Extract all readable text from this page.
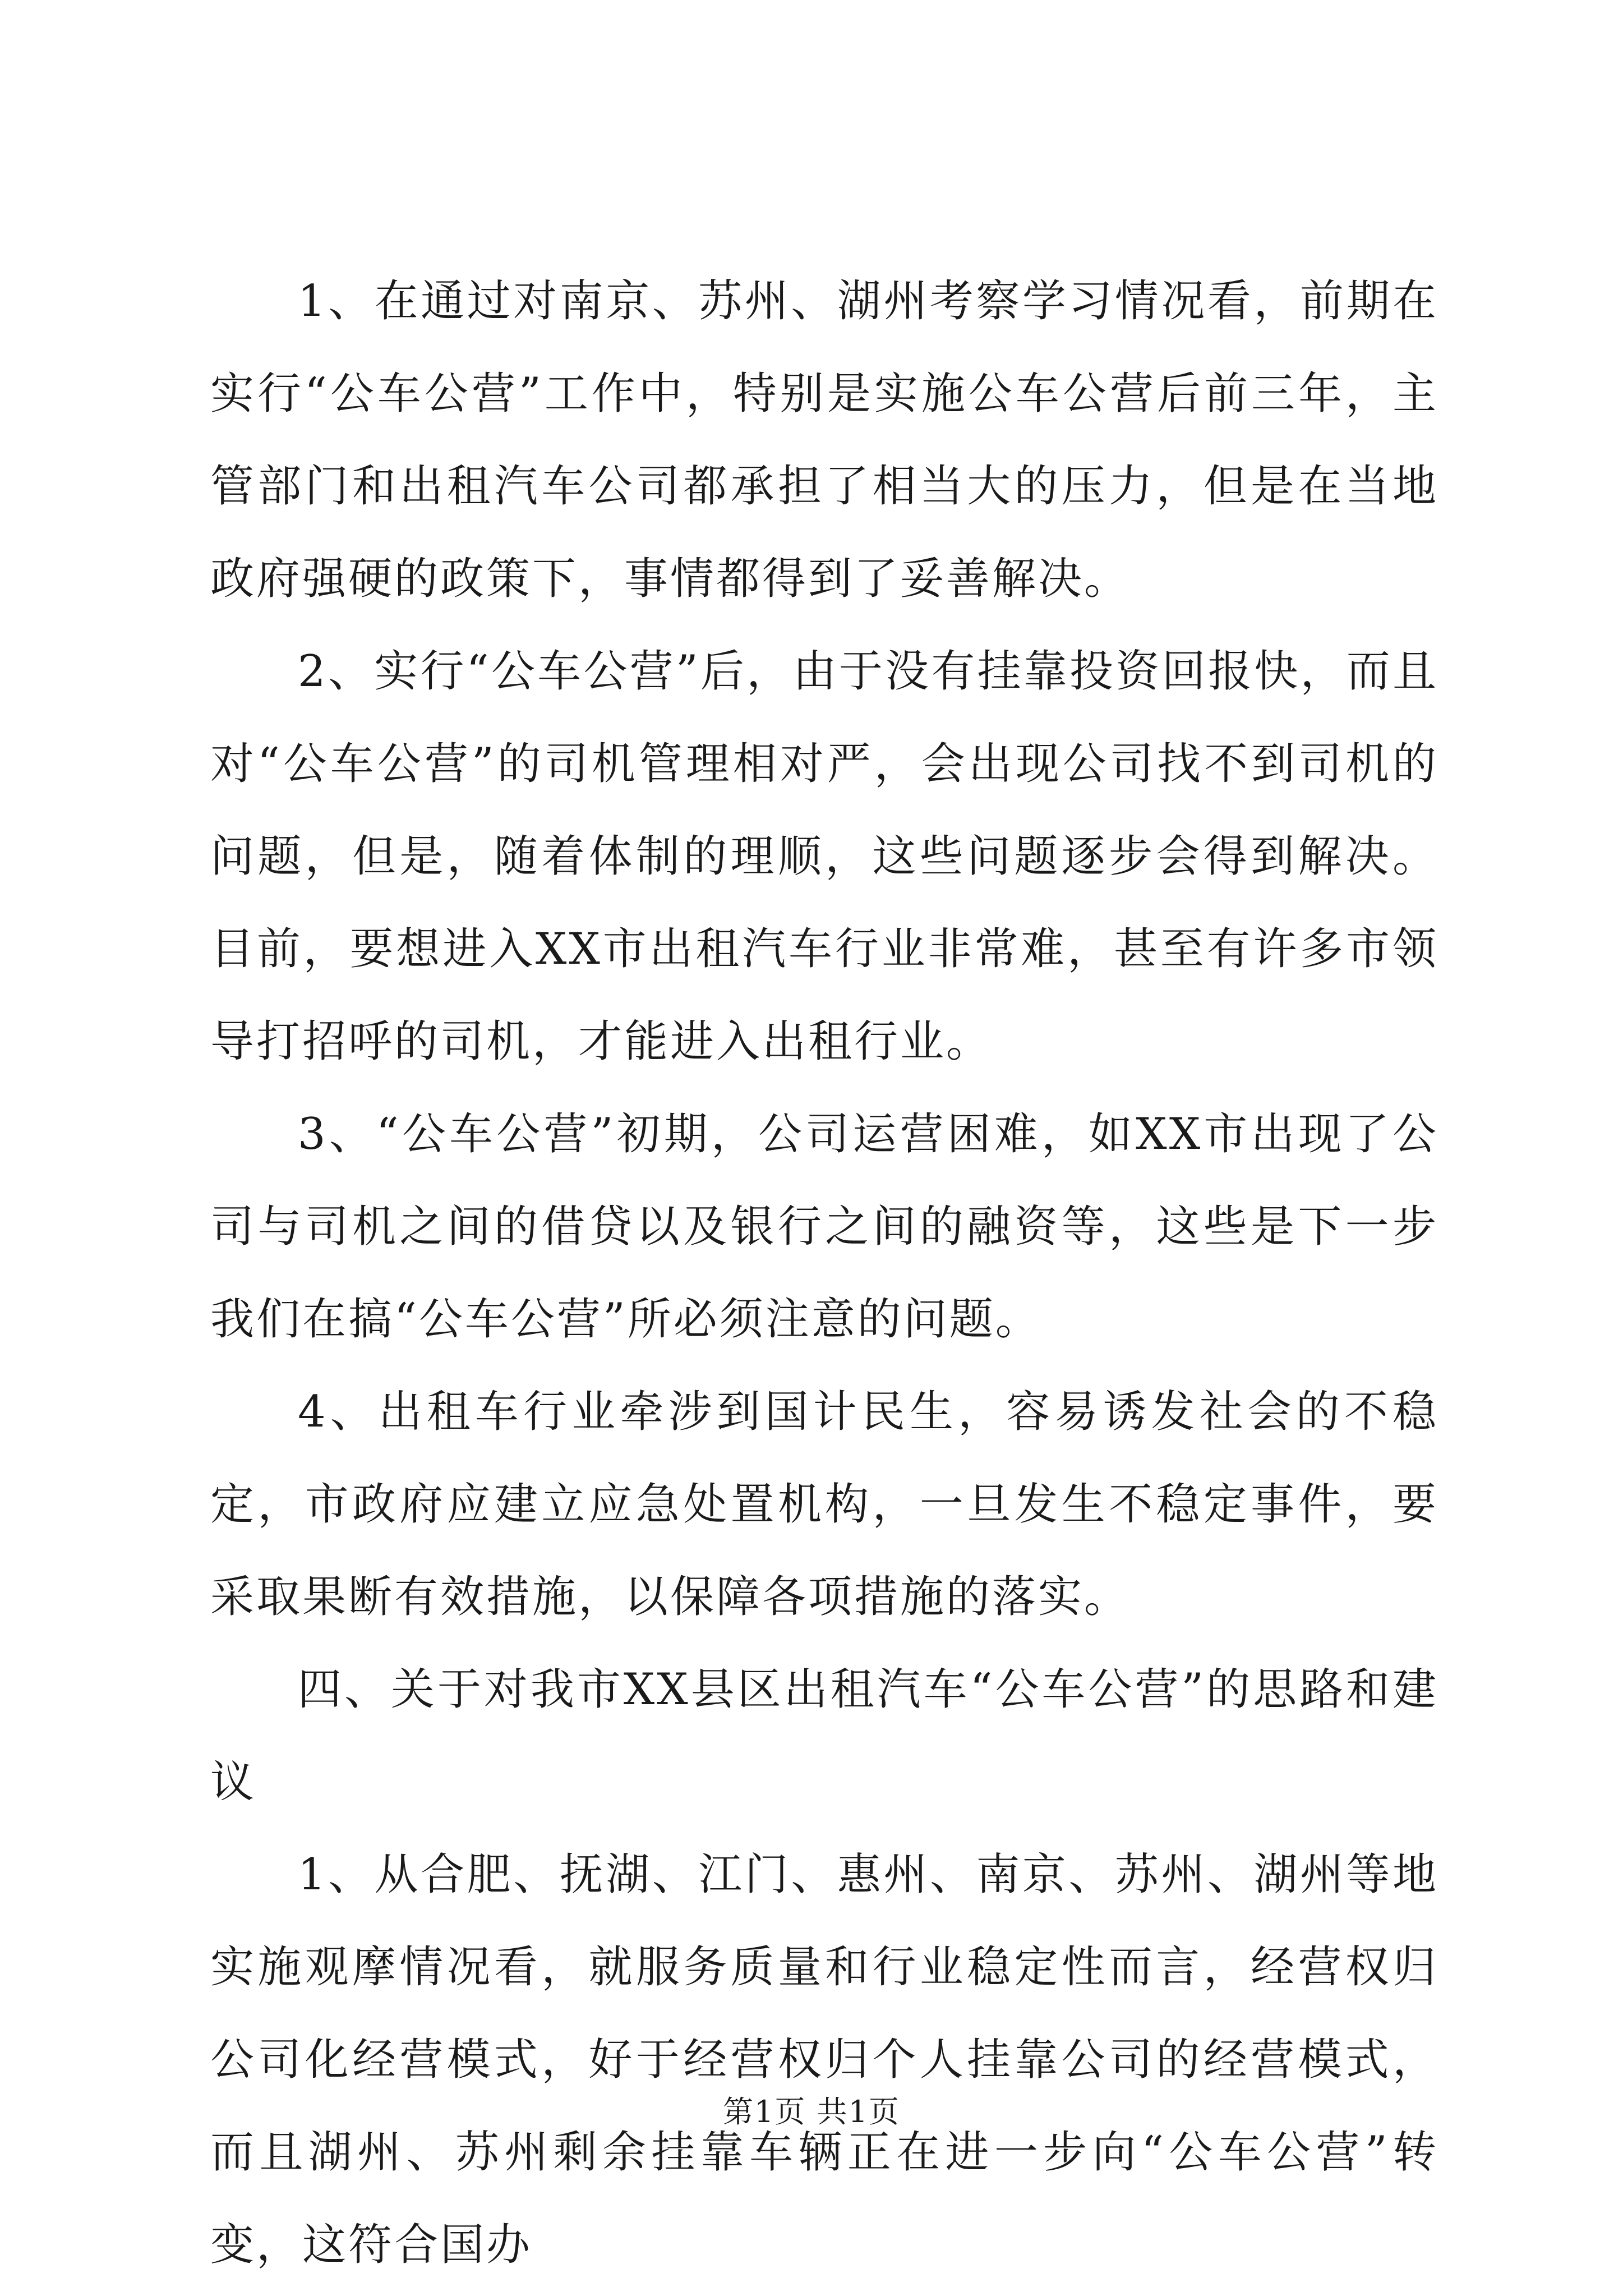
1、在通过对南京、苏州、湖州考察学习情况看，前期在实行“公车公营”工作中，特别是实施公车公营后前三年，主管部门和出租汽车公司都承担了相当大的压力，但是在当地政府强硬的政策下，事情都得到了妥善解决。

2、实行“公车公营”后，由于没有挂靠投资回报快，而且对“公车公营”的司机管理相对严，会出现公司找不到司机的问题，但是，随着体制的理顺，这些问题逐步会得到解决。目前，要想进入XX市出租汽车行业非常难，甚至有许多市领导打招呼的司机，才能进入出租行业。

3、“公车公营”初期，公司运营困难，如XX市出现了公司与司机之间的借贷以及银行之间的融资等，这些是下一步我们在搞“公车公营”所必须注意的问题。

4、出租车行业牵涉到国计民生，容易诱发社会的不稳定，市政府应建立应急处置机构，一旦发生不稳定事件，要采取果断有效措施，以保障各项措施的落实。

四、关于对我市XX县区出租汽车“公车公营”的思路和建议

1、从合肥、抚湖、江门、惠州、南京、苏州、湖州等地实施观摩情况看，就服务质量和行业稳定性而言，经营权归公司化经营模式，好于经营权归个人挂靠公司的经营模式，而且湖州、苏州剩余挂靠车辆正在进一步向“公车公营”转变，这符合国办

第1页 共1页
